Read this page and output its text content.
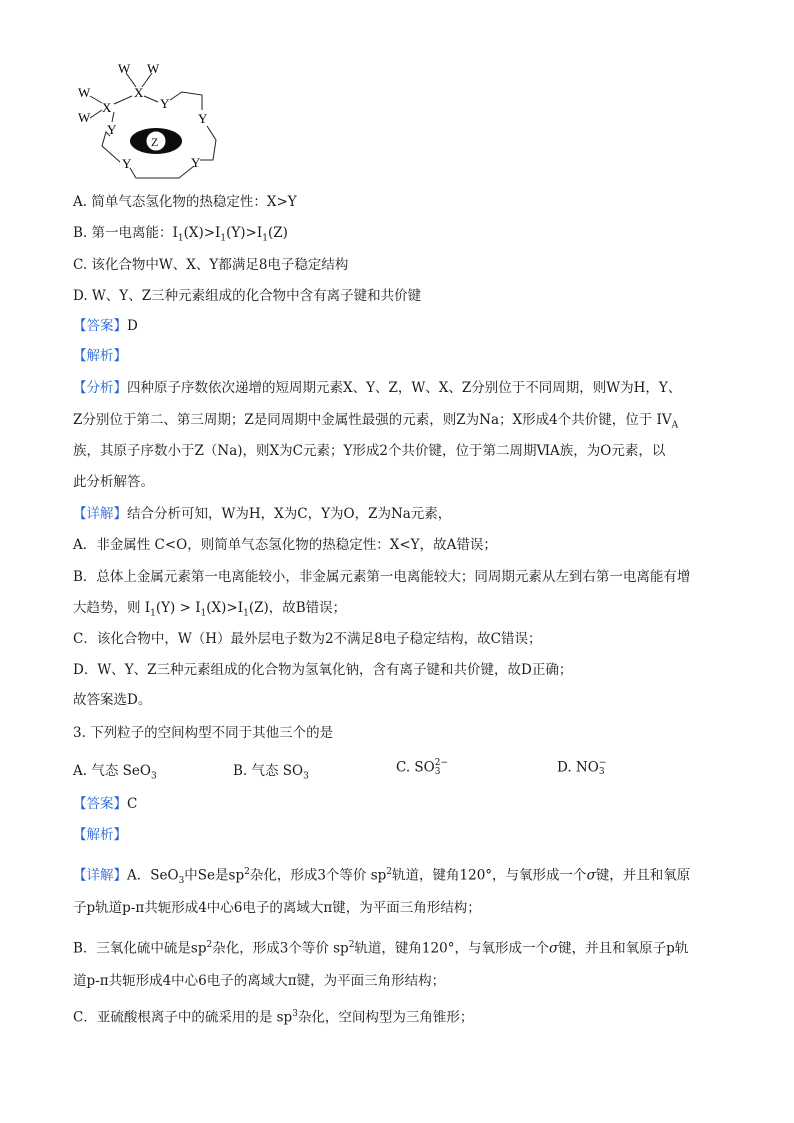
Z
W W
W
W
X
X	Y
Y
Y
Y
Y
A. 简单气态氢化物的热稳定性：X>Y
B. 第一电离能：$I_1(X)>I_1(Y)>I_1(Z)$
C. 该化合物中W、X、Y都满足8电子稳定结构
D. W、Y、Z三种元素组成的化合物中含有离子键和共价键
【答案】D
【解析】
【分析】四种原子序数依次递增的短周期元素X、Y、Z，W、X、Z分别位于不同周期，则W为H，Y、
Z分别位于第二、第三周期；Z是同周期中金属性最强的元素，则Z为Na；X形成4个共价键，位于 $IV_A$
族，其原子序数小于Z（Na)，则X为C元素；Y形成2个共价键，位于第二周期ⅥA族，为O元素，以
此分析解答。
【详解】结合分析可知，W为H，X为C，Y为O，Z为Na元素，
A．非金属性 C<O，则简单气态氢化物的热稳定性：X<Y，故A错误；
B．总体上金属元素第一电离能较小，非金属元素第一电离能较大；同周期元素从左到右第一电离能有增
大趋势，则 $I_1(Y) > I_1(X)>I_1(Z)$，故B错误；
C．该化合物中，W（H）最外层电子数为2不满足8电子稳定结构，故C错误；
D．W、Y、Z三种元素组成的化合物为氢氧化钠，含有离子键和共价键，故D正确；
故答案选D。
3. 下列粒子的空间构型不同于其他三个的是
A. 气态 SeO$_3$	B. 气态 $SO_3$
C. SO 2−
3	D. NO −
3
【答案】C
【解析】
【详解】A．SeO$_3$中Se是$sp^2$杂化，形成3个等价 $sp^2$轨道，键角120°，与氧形成一个σ键，并且和氧原
子p轨道p-π共轭形成4中心6电子的离域大π键，为平面三角形结构；
B．三氧化硫中硫是$sp^2$杂化，形成3个等价 $sp^2$轨道，键角120°，与氧形成一个σ键，并且和氧原子p轨
道p-π共轭形成4中心6电子的离域大π键，为平面三角形结构；
C．亚硫酸根离子中的硫采用的是 $sp^3$杂化，空间构型为三角锥形；
